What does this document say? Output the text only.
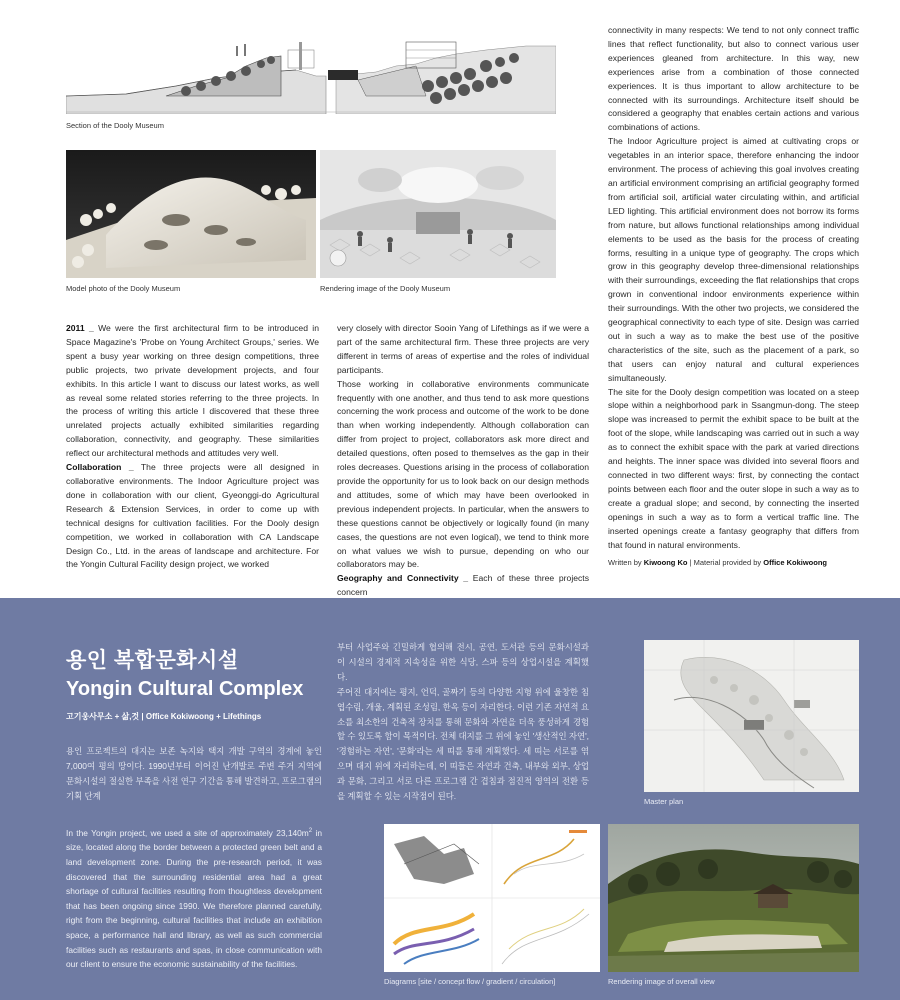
Section of the Dooly Museum
Model photo of the Dooly Museum	Rendering image of the Dooly Museum

2011 _ We were the first architectural firm to be introduced in Space Magazine's 'Probe on Young Architect Groups,' series. We spent a busy year working on three design competitions, three public projects, two private development projects, and four exhibits. In this article I want to discuss our latest works, as well as reveal some related stories referring to the three projects. In the process of writing this article I discovered that these three unrelated projects actually exhibited similarities regarding collaboration, connectivity, and geography. These similarities reflect our architectural methods and attitudes very well.

Collaboration _ The three projects were all designed in collaborative environments. The Indoor Agriculture project was done in collaboration with our client, Gyeonggi-do Agricultural Research & Extension Services, in order to come up with technical designs for cultivation facilities. For the Dooly design competition, we worked in collaboration with CA Landscape Design Co., Ltd. in the areas of landscape and architecture. For the Yongin Cultural Facility design project, we worked

very closely with director Sooin Yang of Lifethings as if we were a part of the same architectural firm. These three projects are very different in terms of areas of expertise and the roles of individual participants.

Those working in collaborative environments communicate frequently with one another, and thus tend to ask more questions concerning the work process and outcome of the work to be done than when working independently. Although collaboration can differ from project to project, collaborators ask more direct and detailed questions, often posed to themselves as the gap in their roles decreases. Questions arising in the process of collaboration provide the opportunity for us to look back on our design methods and attitudes, some of which may have been overlooked in previous independent projects. In particular, when the answers to these questions cannot be objectively or logically found (in many cases, the questions are not even logical), we tend to think more on what values we wish to pursue, depending on who our collaborators may be.

Geography and Connectivity _ Each of these three projects concern

connectivity in many respects: We tend to not only connect traffic lines that reflect functionality, but also to connect various user experiences gleaned from architecture. In this way, new experiences arise from a combination of those connected experiences. It is thus important to allow architecture to be connected with its surroundings. Architecture itself should be considered a geography that enables certain actions and various combinations of actions.

The Indoor Agriculture project is aimed at cultivating crops or vegetables in an interior space, therefore enhancing the indoor environment. The process of achieving this goal involves creating an artificial environment comprising an artificial geography formed from artificial soil, artificial water circulating within, and artificial LED lighting. This artificial environment does not borrow its forms from nature, but allows functional relationships among individual elements to be used as the basis for the process of creating forms, resulting in a unique type of geography. The crops which grow in this geography develop three-dimensional relationships with their surroundings, exceeding the flat relationships that crops grown in conventional indoor environments experience within their surroundings. With the other two projects, we considered the geographical connectivity to each type of site. Design was carried out in such a way as to make the best use of the positive characteristics of the site, such as the placement of a park, so that users can enjoy natural and cultural experiences simultaneously.

The site for the Dooly design competition was located on a steep slope within a neighborhood park in Ssangmun-dong. The steep slope was increased to permit the exhibit space to be built at the foot of the slope, while landscaping was carried out in such a way as to connect the exhibit space with the park at varied directions and heights. The inner space was divided into several floors and connected in two different ways: first, by connecting the contact points between each floor and the outer slope in such a way as to create a gradual slope; and second, by connecting the inserted openings in such a way as to form a vertical traffic line. The inserted openings create a fantasy geography that differs from that found in natural environments.

Written by Kiwoong Ko | Material provided by Office Kokiwoong
용인 복합문화시설
Yongin Cultural Complex
고기웅사무소 + 삶,것 | Office Kokiwoong + Lifethings
용인 프로젝트의 대지는 보존 녹지와 택지 개발 구역의 경계에 놓인 7,000여 평의 땅이다. 1990년부터 이어진 난개발로 주변 주거 지역에 문화시설의 절실한 부족을 사전 연구 기간을 통해 발견하고, 프로그램의 기획 단계

부터 사업주와 긴밀하게 협의해 전시, 공연, 도서관 등의 문화시설과 이 시설의 경제적 지속성을 위한 식당, 스파 등의 상업시설을 계획했다.

주어진 대지에는 평지, 언덕, 골짜기 등의 다양한 지형 위에 울창한 침엽수림, 개울, 계획된 조성림, 한옥 등이 자리한다. 이런 기존 자연적 요소를 최소한의 건축적 장치를 통해 문화와 자연을 더욱 풍성하게 경험할 수 있도록 함이 목적이다. 전체 대지를 그 위에 놓인 '생산적인 자연', '경험하는 자연', '문화'라는 세 띠를 통해 계획했다. 세 띠는 서로를 엮으며 대지 위에 자리하는데, 이 띠들은 자연과 건축, 내부와 외부, 상업과 문화, 그리고 서로 다른 프로그램 간 겹침과 점진적 영역의 전환 등을 계획할 수 있는 시작점이 된다.

In the Yongin project, we used a site of approximately $23,140m^2$ in size, located along the border between a protected green belt and a land development zone. During the pre-research period, it was discovered that the surrounding residential area had a great shortage of cultural facilities resulting from thoughtless development that has been ongoing since 1990. We therefore planned carefully, right from the beginning, cultural facilities that include an exhibition space, a performance hall and library, as well as such commercial facilities such as restaurants and spas, in close communication with our client to ensure the economic sustainability of the facilities.
Master plan
Diagrams [site / concept flow / gradient / circulation]	Rendering image of overall view
